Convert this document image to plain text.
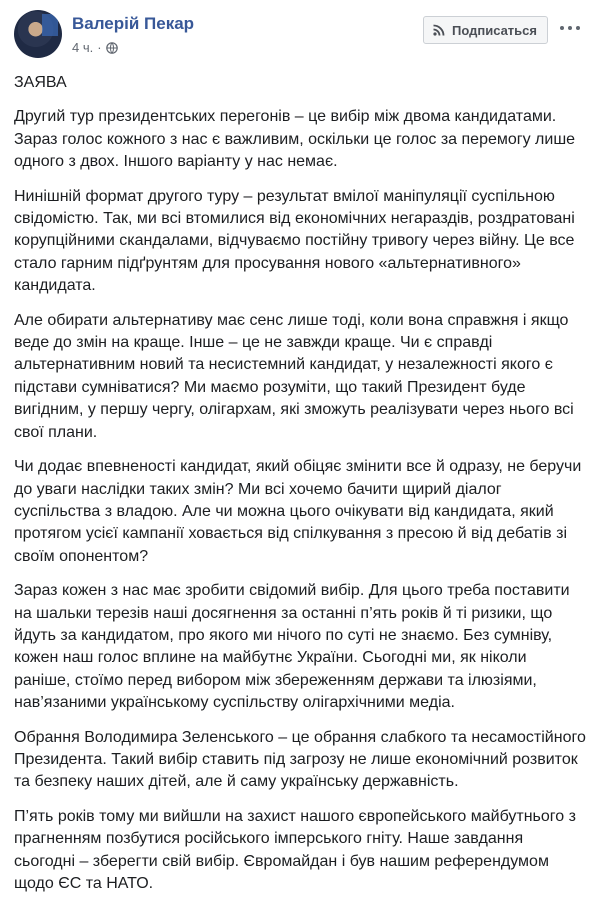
Валерій Пекар
4 ч. ·
Подписаться

ЗАЯВА

Другий тур президентських перегонів – це вибір між двома кандидатами. Зараз голос кожного з нас є важливим, оскільки це голос за перемогу лише одного з двох. Іншого варіанту у нас немає.

Нинішній формат другого туру – результат вмілої маніпуляції суспільною свідомістю. Так, ми всі втомилися від економічних негараздів, роздратовані корупційними скандалами, відчуваємо постійну тривогу через війну. Це все стало гарним підґрунтям для просування нового «альтернативного» кандидата.

Але обирати альтернативу має сенс лише тоді, коли вона справжня і якщо веде до змін на краще. Інше – це не завжди краще. Чи є справді альтернативним новий та несистемний кандидат, у незалежності якого є підстави сумніватися? Ми маємо розуміти, що такий Президент буде вигідним, у першу чергу, олігархам, які зможуть реалізувати через нього всі свої плани.

Чи додає впевненості кандидат, який обіцяє змінити все й одразу, не беручи до уваги наслідки таких змін? Ми всі хочемо бачити щирий діалог суспільства з владою. Але чи можна цього очікувати від кандидата, який протягом усієї кампанії ховається від спілкування з пресою й від дебатів зі своїм опонентом?

Зараз кожен з нас має зробити свідомий вибір. Для цього треба поставити на шальки терезів наші досягнення за останні п’ять років й ті ризики, що йдуть за кандидатом, про якого ми нічого по суті не знаємо. Без сумніву, кожен наш голос вплине на майбутнє України. Сьогодні ми, як ніколи раніше, стоїмо перед вибором між збереженням держави та ілюзіями, нав’язаними українському суспільству олігархічними медіа.

Обрання Володимира Зеленського – це обрання слабкого та несамостійного Президента. Такий вибір ставить під загрозу не лише економічний розвиток та безпеку наших дітей, але й саму українську державність.

П’ять років тому ми вийшли на захист нашого європейського майбутнього з прагненням позбутися російського імперського гніту. Наше завдання сьогодні – зберегти свій вибір. Євромайдан і був нашим референдумом щодо ЄС та НАТО.
